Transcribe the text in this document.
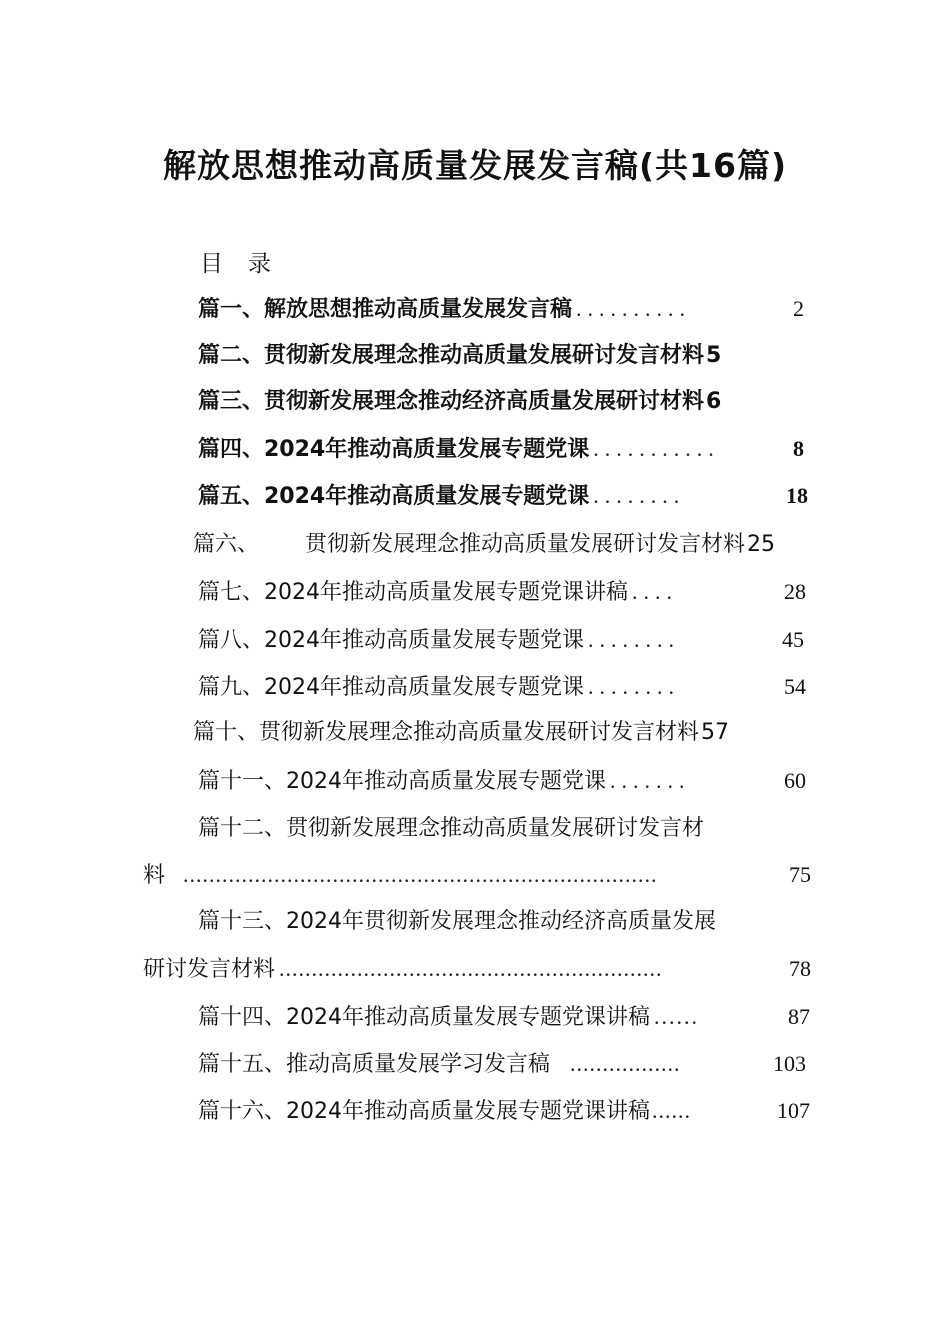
解放思想推动高质量发展发言稿(共16篇)
目 录
篇一、解放思想推动高质量发展发言稿 ..........	2
篇二、贯彻新发展理念推动高质量发展研讨发言材料 5
篇三、贯彻新发展理念推动经济高质量发展研讨材料 6
篇四、2024年推动高质量发展专题党课 ...........	8
篇五、2024年推动高质量发展专题党课 ........	18
篇六、 贯彻新发展理念推动高质量发展研讨发言材料 25
篇七、2024年推动高质量发展专题党课讲稿 ....	28
篇八、2024年推动高质量发展专题党课 ........	45
篇九、2024年推动高质量发展专题党课 ........	54
篇十、贯彻新发展理念推动高质量发展研讨发言材料 57
篇十一、2024年推动高质量发展专题党课 .......	60
篇十二、贯彻新发展理念推动高质量发展研讨发言材
料 .........................................................................	75
篇十三、2024年贯彻新发展理念推动经济高质量发展
研讨发言材料 ...........................................................	78
篇十四、2024年推动高质量发展专题党课讲稿 ......	87
篇十五、推动高质量发展学习发言稿 .................	103
篇十六、2024年推动高质量发展专题党课讲稿 ......	107
